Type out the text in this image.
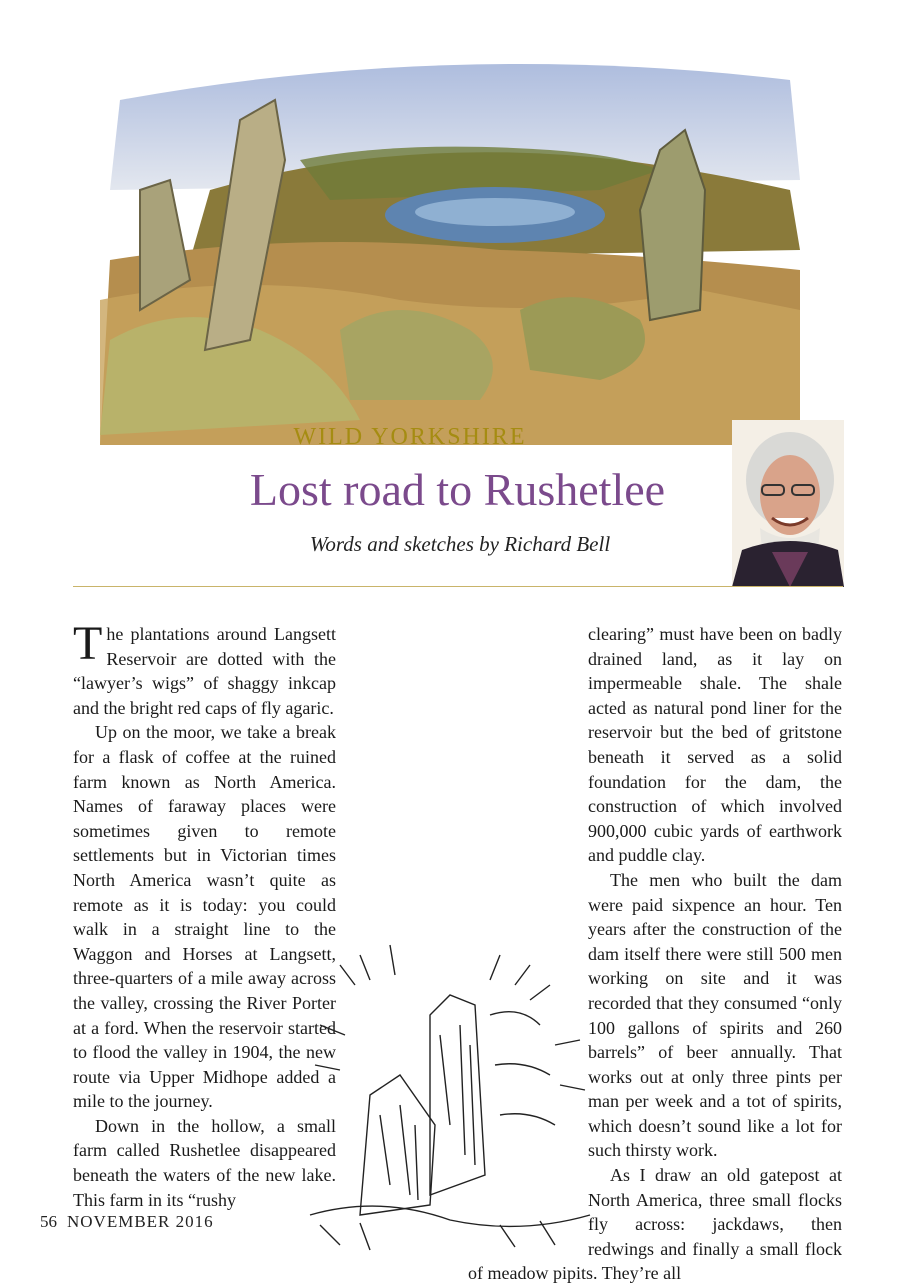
WILD YORKSHIRE
Lost road to Rushetlee
Words and sketches by Richard Bell

The plantations around Langsett Reservoir are dotted with the “lawyer’s wigs” of shaggy inkcap and the bright red caps of fly agaric.

Up on the moor, we take a break for a flask of coffee at the ruined farm known as North America. Names of faraway places were sometimes given to remote settlements but in Victorian times North America wasn’t quite as remote as it is today: you could walk in a straight line to the Waggon and Horses at Langsett, three-quarters of a mile away across the valley, crossing the River Porter at a ford. When the reservoir started to flood the valley in 1904, the new route via Upper Midhope added a mile to the journey.

Down in the hollow, a small farm called Rushetlee disappeared beneath the waters of the new lake. This farm in its “rushy

clearing” must have been on badly drained land, as it lay on impermeable shale. The shale acted as natural pond liner for the reservoir but the bed of gritstone beneath it served as a solid foundation for the dam, the construction of which involved 900,000 cubic yards of earthwork and puddle clay.

The men who built the dam were paid sixpence an hour. Ten years after the construction of the dam itself there were still 500 men working on site and it was recorded that they consumed “only 100 gallons of spirits and 260 barrels” of beer annually. That works out at only three pints per man per week and a tot of spirits, which doesn’t sound like a lot for such thirsty work.

As I draw an old gatepost at North America, three small flocks fly across: jackdaws, then redwings and finally a small flock of meadow pipits. They’re all

56 NOVEMBER 2016
